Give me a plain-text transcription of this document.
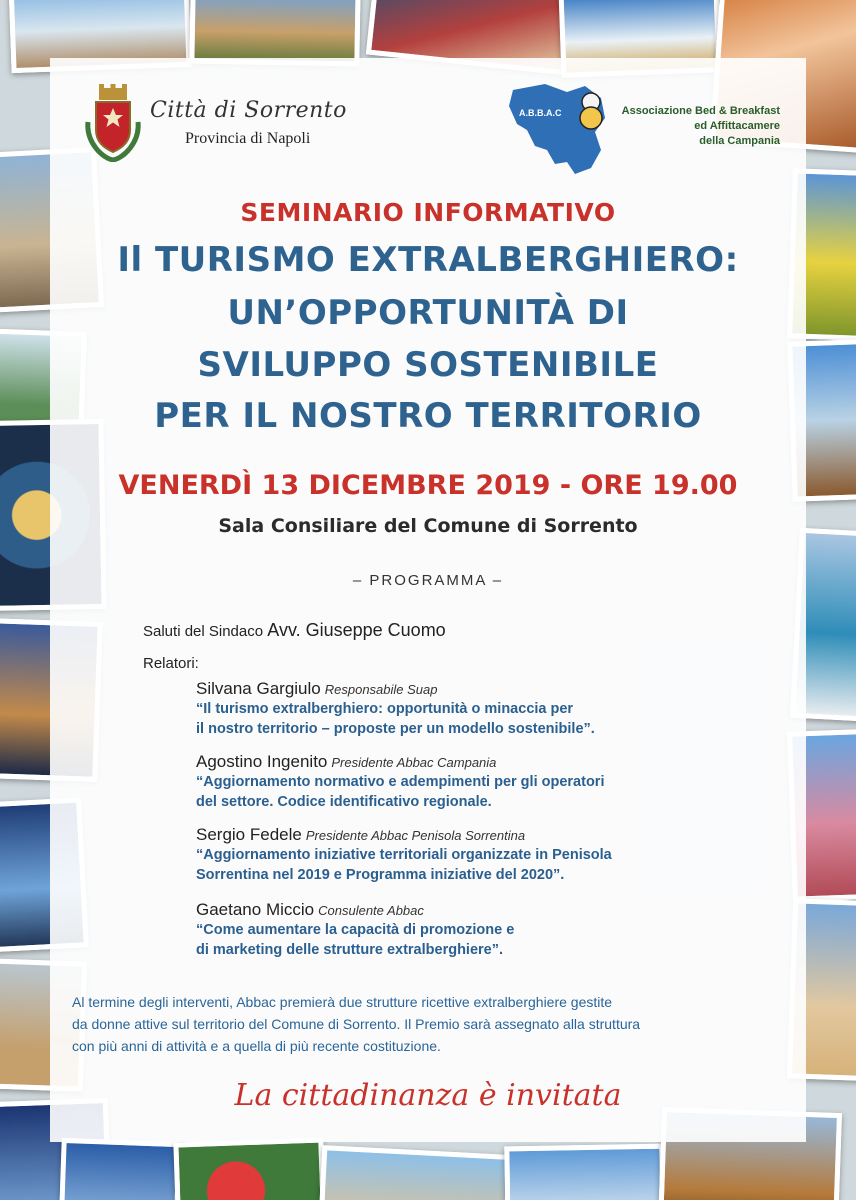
Città di Sorrento
Provincia di Napoli
A.B.B.A.C	Associazione Bed & Breakfast
ed Affittacamere
della Campania
SEMINARIO INFORMATIVO
Il TURISMO EXTRALBERGHIERO:
UN’OPPORTUNITÀ DI
SVILUPPO SOSTENIBILE
PER IL NOSTRO TERRITORIO
VENERDÌ 13 DICEMBRE 2019 - ORE 19.00
Sala Consiliare del Comune di Sorrento
– PROGRAMMA –
Saluti del Sindaco Avv. Giuseppe Cuomo
Relatori:
Silvana Gargiulo Responsabile Suap
“Il turismo extralberghiero: opportunità o minaccia per
il nostro territorio – proposte per un modello sostenibile”.
Agostino Ingenito Presidente Abbac Campania
“Aggiornamento normativo e adempimenti per gli operatori
del settore. Codice identificativo regionale.
Sergio Fedele Presidente Abbac Penisola Sorrentina
“Aggiornamento iniziative territoriali organizzate in Penisola
Sorrentina nel 2019 e Programma iniziative del 2020”.
Gaetano Miccio Consulente Abbac
“Come aumentare la capacità di promozione e
di marketing delle strutture extralberghiere”.
Al termine degli interventi, Abbac premierà due strutture ricettive extralberghiere gestite
da donne attive sul territorio del Comune di Sorrento. Il Premio sarà assegnato alla struttura
con più anni di attività e a quella di più recente costituzione.
La cittadinanza è invitata
